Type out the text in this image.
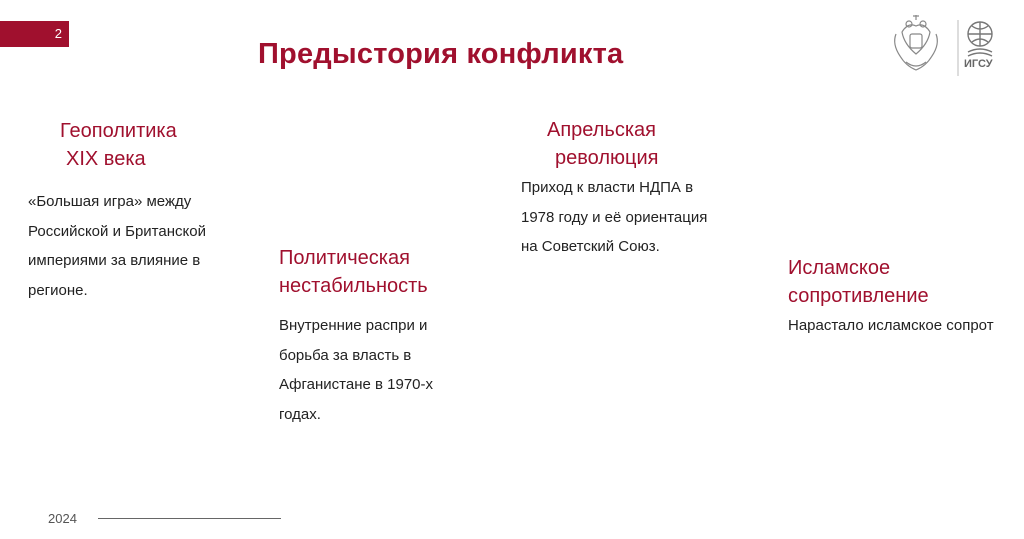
2
Предыстория конфликта	ИГСУ
Геополитика
XIX века
«Большая игра» между
Российской и Британской
империями за влияние в
регионе.
Политическая
нестабильность
Внутренние распри и
борьба за власть в
Афганистане в 1970-х
годах.
Апрельская
революция
Приход к власти НДПА в
1978 году и её ориентация
на Советский Союз.
Исламское
сопротивление
Нарастало исламское сопрот
2024
